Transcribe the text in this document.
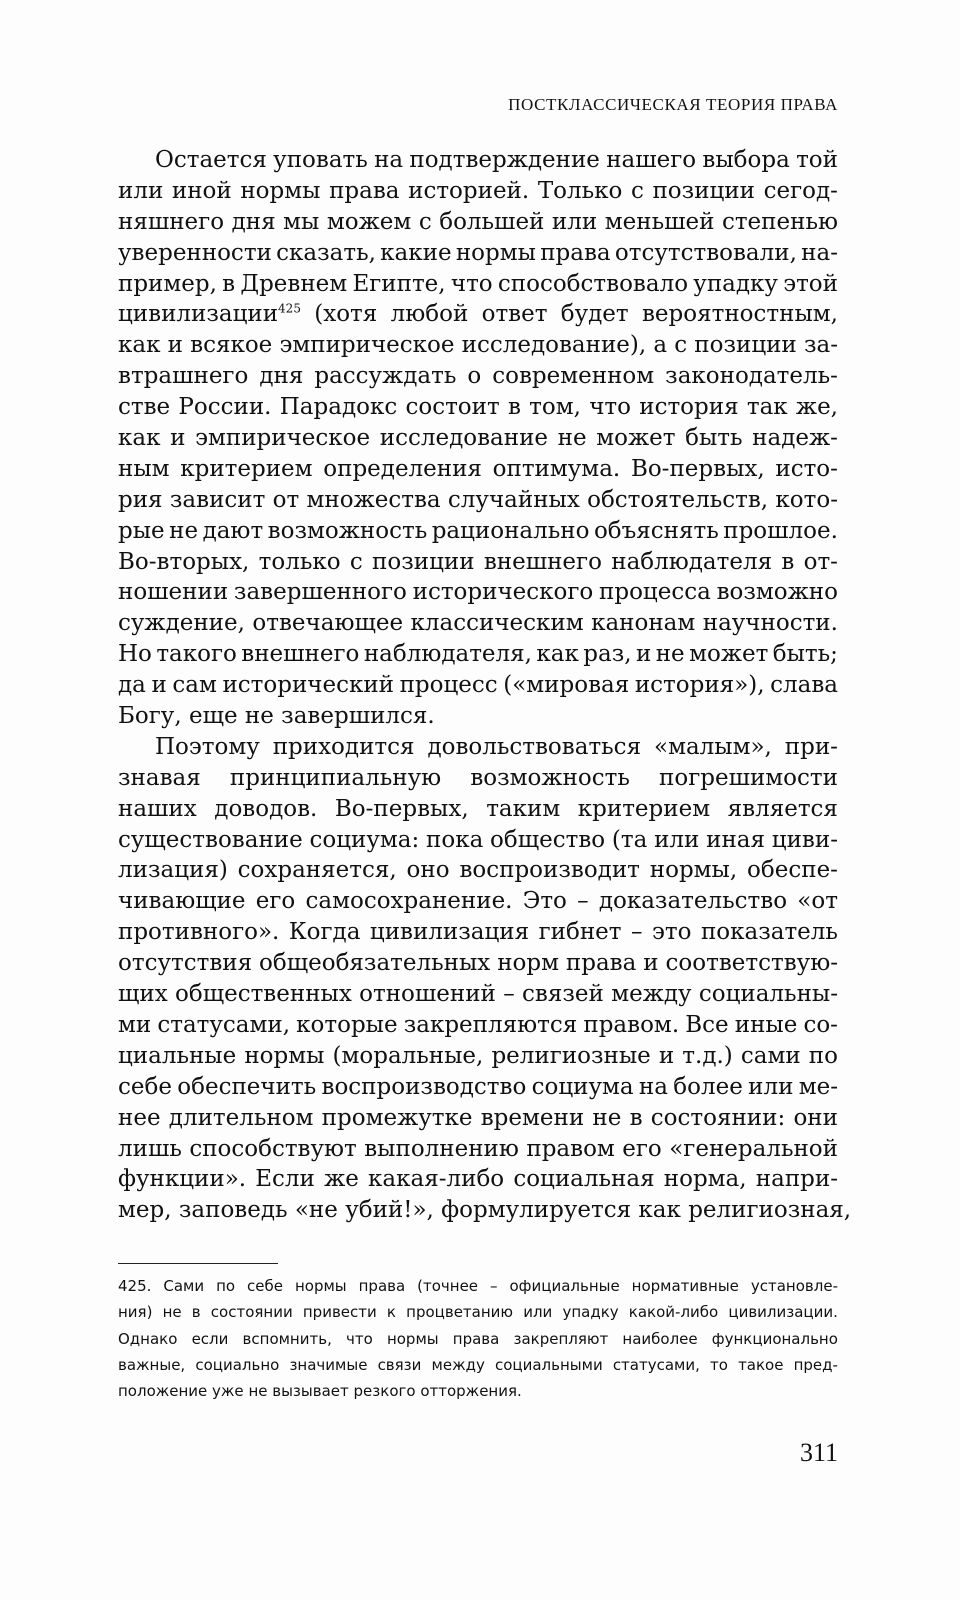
ПОСТКЛАССИЧЕСКАЯ ТЕОРИЯ ПРАВА
Остается уповать на подтверждение нашего выбора той
или иной нормы права историей. Только с позиции сегод-
няшнего дня мы можем с большей или меньшей степенью
уверенности сказать, какие нормы права отсутствовали, на-
пример, в Древнем Египте, что способствовало упадку этой
цивилизации$^{425}$ (хотя любой ответ будет вероятностным,
как и всякое эмпирическое исследование), а с позиции за-
втрашнего дня рассуждать о современном законодатель-
стве России. Парадокс состоит в том, что история так же,
как и эмпирическое исследование не может быть надеж-
ным критерием определения оптимума. Во-первых, исто-
рия зависит от множества случайных обстоятельств, кото-
рые не дают возможность рационально объяснять прошлое.
Во-вторых, только с позиции внешнего наблюдателя в от-
ношении завершенного исторического процесса возможно
суждение, отвечающее классическим канонам научности.
Но такого внешнего наблюдателя, как раз, и не может быть;
да и сам исторический процесс («мировая история»), слава
Богу, еще не завершился.
Поэтому приходится довольствоваться «малым», при-
знавая принципиальную возможность погрешимости
наших доводов. Во-первых, таким критерием является
существование социума: пока общество (та или иная циви-
лизация) сохраняется, оно воспроизводит нормы, обеспе-
чивающие его самосохранение. Это – доказательство «от
противного». Когда цивилизация гибнет – это показатель
отсутствия общеобязательных норм права и соответствую-
щих общественных отношений – связей между социальны-
ми статусами, которые закрепляются правом. Все иные со-
циальные нормы (моральные, религиозные и т.д.) сами по
себе обеспечить воспроизводство социума на более или ме-
нее длительном промежутке времени не в состоянии: они
лишь способствуют выполнению правом его «генеральной
функции». Если же какая-либо социальная норма, напри-
мер, заповедь «не убий!», формулируется как религиозная,
425. Сами по себе нормы права (точнее – официальные нормативные установле-
ния) не в состоянии привести к процветанию или упадку какой-либо цивилизации.
Однако если вспомнить, что нормы права закрепляют наиболее функционально
важные, социально значимые связи между социальными статусами, то такое пред-
положение уже не вызывает резкого отторжения.
311
